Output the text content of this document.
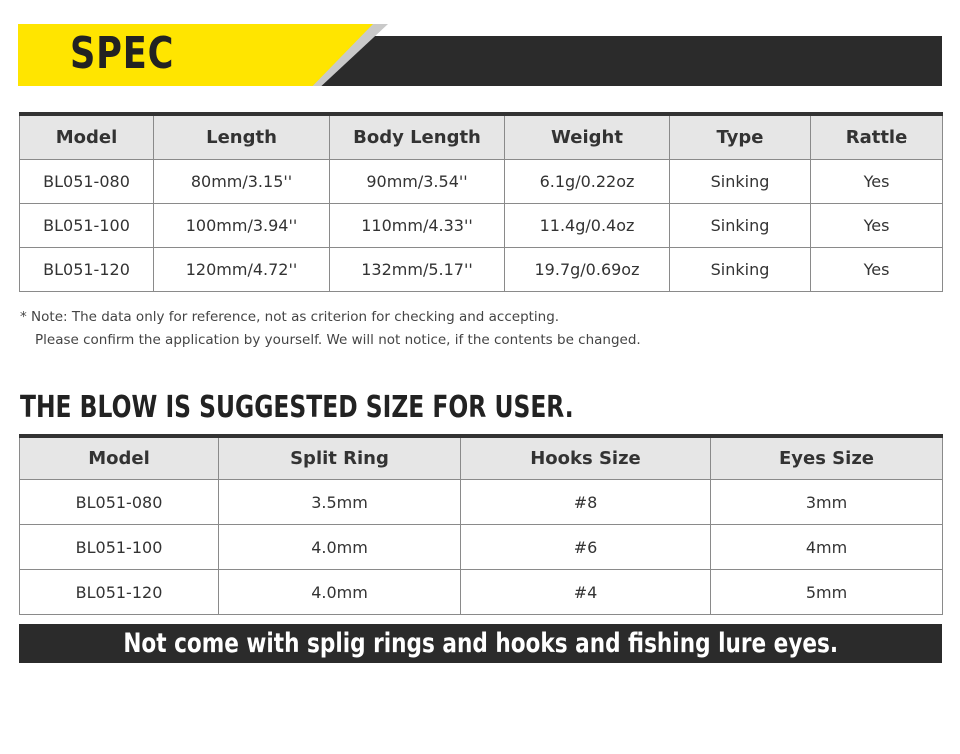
SPEC
Model	Length	Body Length	Weight	Type	Rattle
BL051-080	80mm/3.15''	90mm/3.54''	6.1g/0.22oz	Sinking	Yes
BL051-100	100mm/3.94''	110mm/4.33''	11.4g/0.4oz	Sinking	Yes
BL051-120	120mm/4.72''	132mm/5.17''	19.7g/0.69oz	Sinking	Yes
* Note: The data only for reference, not as criterion for checking and accepting.
Please confirm the application by yourself. We will not notice, if the contents be changed.
THE BLOW IS SUGGESTED SIZE FOR USER.
Model	Split Ring	Hooks Size	Eyes Size
BL051-080	3.5mm	#8	3mm
BL051-100	4.0mm	#6	4mm
BL051-120	4.0mm	#4	5mm
Not come with splig rings and hooks and fishing lure eyes.
